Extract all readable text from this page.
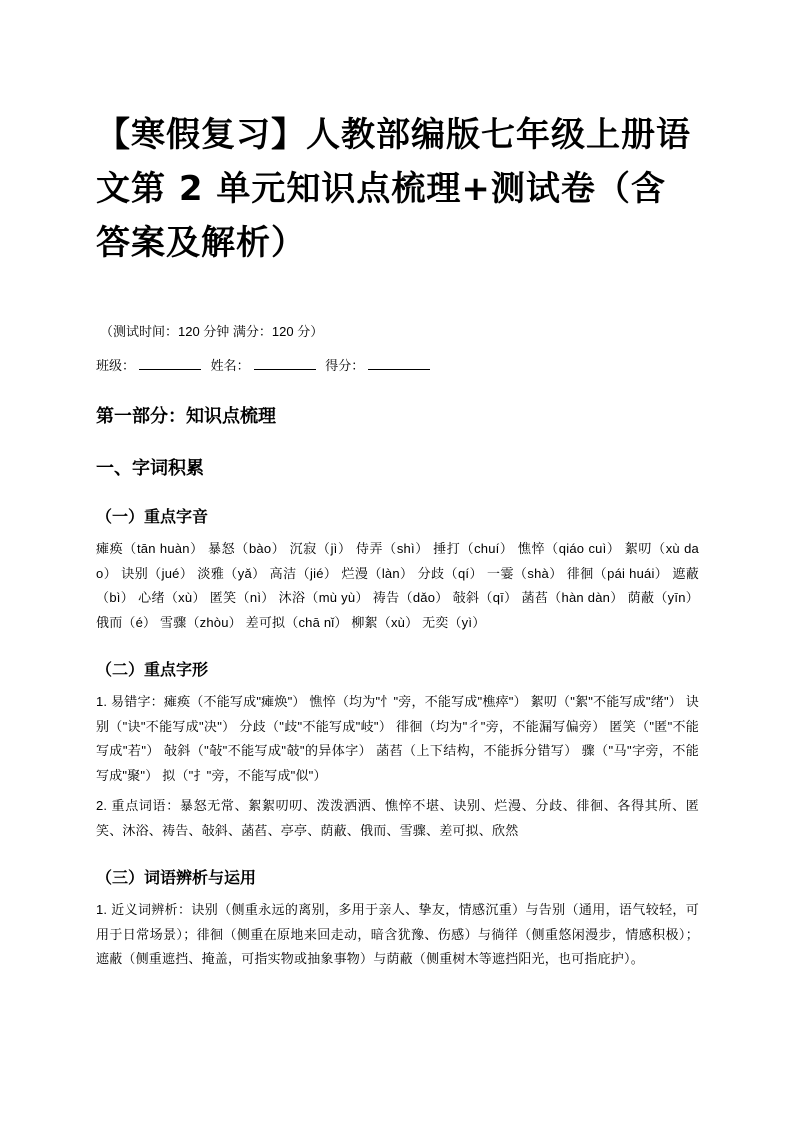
【寒假复习】人教部编版七年级上册语文第 2 单元知识点梳理+测试卷（含答案及解析）

（测试时间：120 分钟 满分：120 分）

班级：	姓名：	得分：

第一部分：知识点梳理
一、字词积累
（一）重点字音

瘫痪（tān huàn） 暴怒（bào） 沉寂（jì） 侍弄（shì） 捶打（chuí） 憔悴（qiáo cuì） 絮叨（xù dao） 诀别（jué） 淡雅（yǎ） 高洁（jié） 烂漫（làn） 分歧（qí） 一霎（shà） 徘徊（pái huái） 遮蔽（bì） 心绪（xù） 匿笑（nì） 沐浴（mù yù） 祷告（dǎo） 敧斜（qī） 菡萏（hàn dàn） 荫蔽（yīn） 俄而（é） 雪骤（zhòu） 差可拟（chā nǐ） 柳絮（xù） 无奕（yì）

（二）重点字形

1. 易错字：瘫痪（不能写成"瘫焕"） 憔悴（均为"忄"旁，不能写成"樵瘁"） 絮叨（"絮"不能写成"绪"） 诀别（"诀"不能写成"决"） 分歧（"歧"不能写成"岐"） 徘徊（均为"彳"旁，不能漏写偏旁） 匿笑（"匿"不能写成"若"） 敧斜（"敧"不能写成"攲"的异体字） 菡萏（上下结构，不能拆分错写） 骤（"马"字旁，不能写成"聚"） 拟（"扌"旁，不能写成"似"）

2. 重点词语：暴怒无常、絮絮叨叨、泼泼洒洒、憔悴不堪、诀别、烂漫、分歧、徘徊、各得其所、匿笑、沐浴、祷告、敧斜、菡萏、亭亭、荫蔽、俄而、雪骤、差可拟、欣然

（三）词语辨析与运用

1. 近义词辨析：诀别（侧重永远的离别，多用于亲人、挚友，情感沉重）与告别（通用，语气较轻，可用于日常场景）；徘徊（侧重在原地来回走动，暗含犹豫、伤感）与徜徉（侧重悠闲漫步，情感积极）；遮蔽（侧重遮挡、掩盖，可指实物或抽象事物）与荫蔽（侧重树木等遮挡阳光，也可指庇护）。
